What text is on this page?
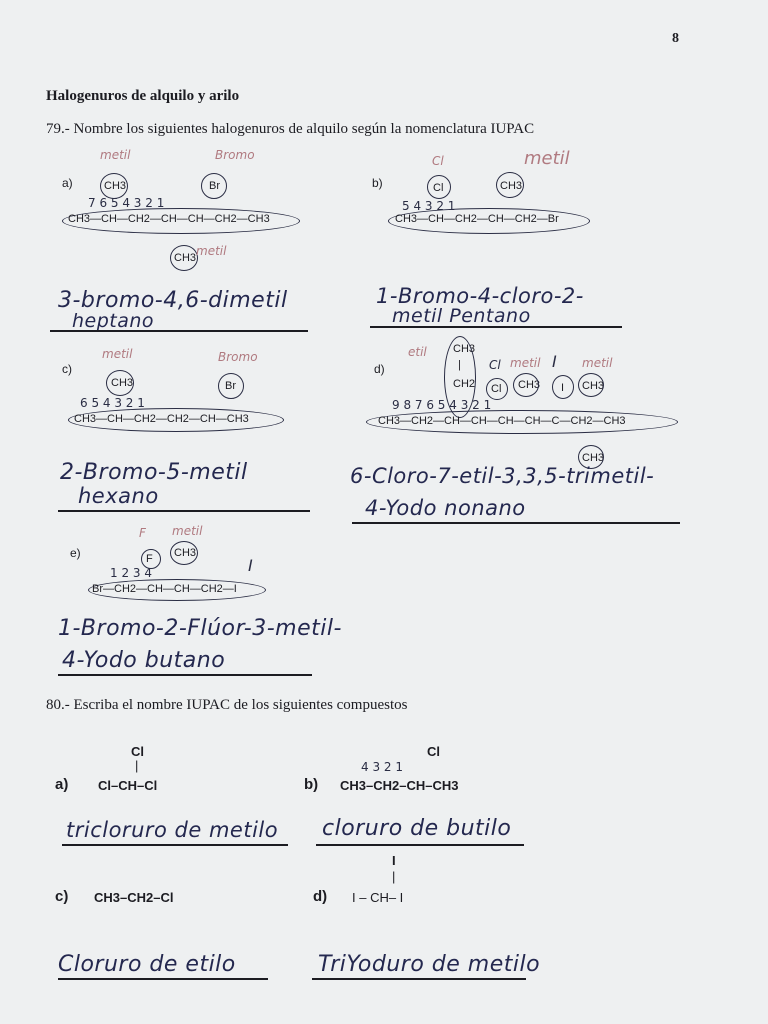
8
Halogenuros de alquilo y arilo
79.- Nombre los siguientes halogenuros de alquilo según la nomenclatura IUPAC
a)
metil	Bromo
CH3	Br
7 6 5 4 3 2 1
CH3—CH—CH2—CH—CH—CH2—CH3
CH3 metil
3-bromo-4,6-dimetil
heptano
b)
Cl	metil
Cl	CH3
5 4 3 2 1
CH3—CH—CH2—CH—CH2—Br
1-Bromo-4-cloro-2-
metil Pentano
c)
metil	Bromo
CH3	Br
6 5 4 3 2 1
CH3—CH—CH2—CH2—CH—CH3
2-Bromo-5-metil
hexano
d)
etil CH3
|
CH2
Cl
Cl
metil
CH3
I
I
metil
CH3
9 8 7 6 5 4 3 2 1
CH3—CH2—CH—CH—CH—CH—C—CH2—CH3
CH3
6-Cloro-7-etil-3,3,5-trimetil-
4-Yodo nonano
e)
F metil
F CH3
I
1 2 3 4
Br—CH2—CH—CH—CH2—I
1-Bromo-2-Flúor-3-metil-
4-Yodo butano
80.- Escriba el nombre IUPAC de los siguientes compuestos
Cl
|
a) Cl–CH–Cl
tricloruro de metilo
Cl
4 3 2 1
b) CH3–CH2–CH–CH3
cloruro de butilo
c) CH3–CH2–Cl
Cloruro de etilo
I
|
d) I – CH– I
TriYoduro de metilo
